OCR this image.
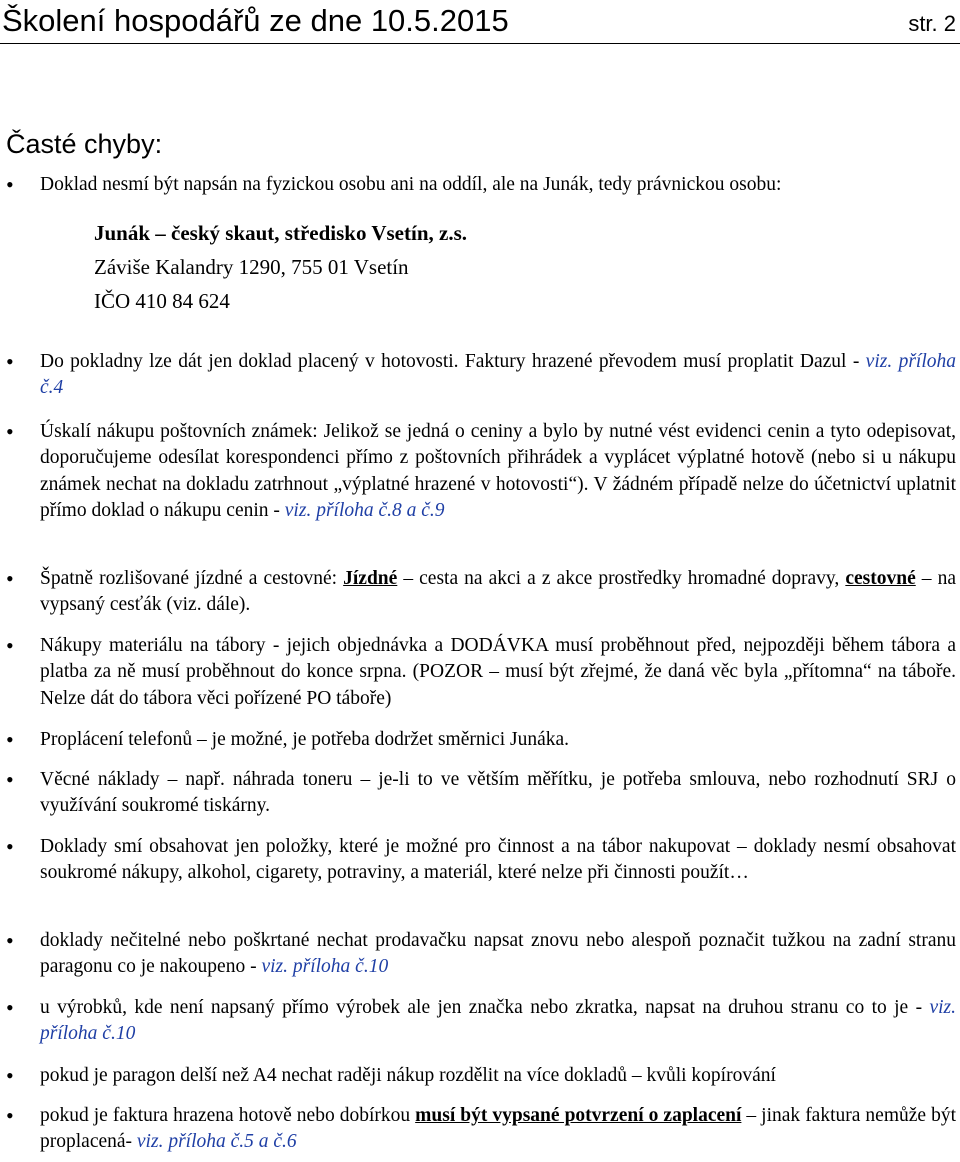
Školení hospodářů ze dne 10.5.2015	str. 2
Časté chyby:
• Doklad nesmí být napsán na fyzickou osobu ani na oddíl, ale na Junák, tedy právnickou osobu:
Junák – český skaut, středisko Vsetín, z.s.
Záviše Kalandry 1290, 755 01 Vsetín
IČO 410 84 624
• Do pokladny lze dát jen doklad placený v hotovosti. Faktury hrazené převodem musí proplatit Dazul - viz. příloha č.4
• Úskalí nákupu poštovních známek: Jelikož se jedná o ceniny a bylo by nutné vést evidenci cenin a tyto odepisovat, doporučujeme odesílat korespondenci přímo z poštovních přihrádek a vyplácet výplatné hotově (nebo si u nákupu známek nechat na dokladu zatrhnout „výplatné hrazené v hotovosti“). V žádném případě nelze do účetnictví uplatnit přímo doklad o nákupu cenin - viz. příloha č.8 a č.9
• Špatně rozlišované jízdné a cestovné: Jízdné – cesta na akci a z akce prostředky hromadné dopravy, cestovné – na vypsaný cesťák (viz. dále).
• Nákupy materiálu na tábory - jejich objednávka a DODÁVKA musí proběhnout před, nejpozději během tábora a platba za ně musí proběhnout do konce srpna. (POZOR – musí být zřejmé, že daná věc byla „přítomna“ na táboře. Nelze dát do tábora věci pořízené PO táboře)
• Proplácení telefonů – je možné, je potřeba dodržet směrnici Junáka.
• Věcné náklady – např. náhrada toneru – je-li to ve větším měřítku, je potřeba smlouva, nebo rozhodnutí SRJ o využívání soukromé tiskárny.
• Doklady smí obsahovat jen položky, které je možné pro činnost a na tábor nakupovat – doklady nesmí obsahovat soukromé nákupy, alkohol, cigarety, potraviny, a materiál, které nelze při činnosti použít…
• doklady nečitelné nebo poškrtané nechat prodavačku napsat znovu nebo alespoň poznačit tužkou na zadní stranu paragonu co je nakoupeno - viz. příloha č.10
• u výrobků, kde není napsaný přímo výrobek ale jen značka nebo zkratka, napsat na druhou stranu co to je - viz. příloha č.10
• pokud je paragon delší než A4 nechat raději nákup rozdělit na více dokladů – kvůli kopírování
• pokud je faktura hrazena hotově nebo dobírkou musí být vypsané potvrzení o zaplacení – jinak faktura nemůže být proplacená- viz. příloha č.5 a č.6
